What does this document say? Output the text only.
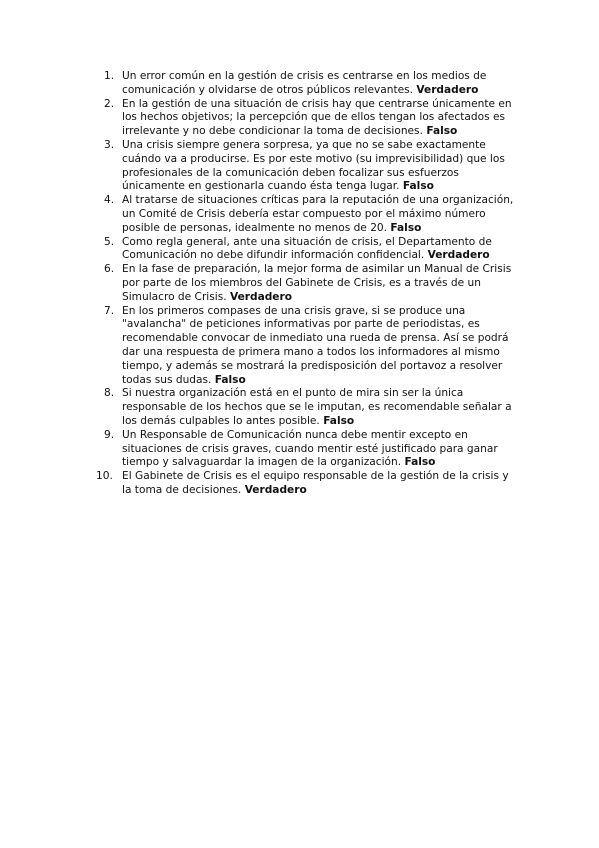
1. Un error común en la gestión de crisis es centrarse en los medios de comunicación y olvidarse de otros públicos relevantes. Verdadero
2. En la gestión de una situación de crisis hay que centrarse únicamente en los hechos objetivos; la percepción que de ellos tengan los afectados es irrelevante y no debe condicionar la toma de decisiones. Falso
3. Una crisis siempre genera sorpresa, ya que no se sabe exactamente cuándo va a producirse. Es por este motivo (su imprevisibilidad) que los profesionales de la comunicación deben focalizar sus esfuerzos únicamente en gestionarla cuando ésta tenga lugar. Falso
4. Al tratarse de situaciones críticas para la reputación de una organización, un Comité de Crisis debería estar compuesto por el máximo número posible de personas, idealmente no menos de 20. Falso
5. Como regla general, ante una situación de crisis, el Departamento de Comunicación no debe difundir información confidencial. Verdadero
6. En la fase de preparación, la mejor forma de asimilar un Manual de Crisis por parte de los miembros del Gabinete de Crisis, es a través de un Simulacro de Crisis. Verdadero
7. En los primeros compases de una crisis grave, si se produce una "avalancha" de peticiones informativas por parte de periodistas, es recomendable convocar de inmediato una rueda de prensa. Así se podrá dar una respuesta de primera mano a todos los informadores al mismo tiempo, y además se mostrará la predisposición del portavoz a resolver todas sus dudas. Falso
8. Si nuestra organización está en el punto de mira sin ser la única responsable de los hechos que se le imputan, es recomendable señalar a los demás culpables lo antes posible. Falso
9. Un Responsable de Comunicación nunca debe mentir excepto en situaciones de crisis graves, cuando mentir esté justificado para ganar tiempo y salvaguardar la imagen de la organización. Falso
10. El Gabinete de Crisis es el equipo responsable de la gestión de la crisis y la toma de decisiones. Verdadero
